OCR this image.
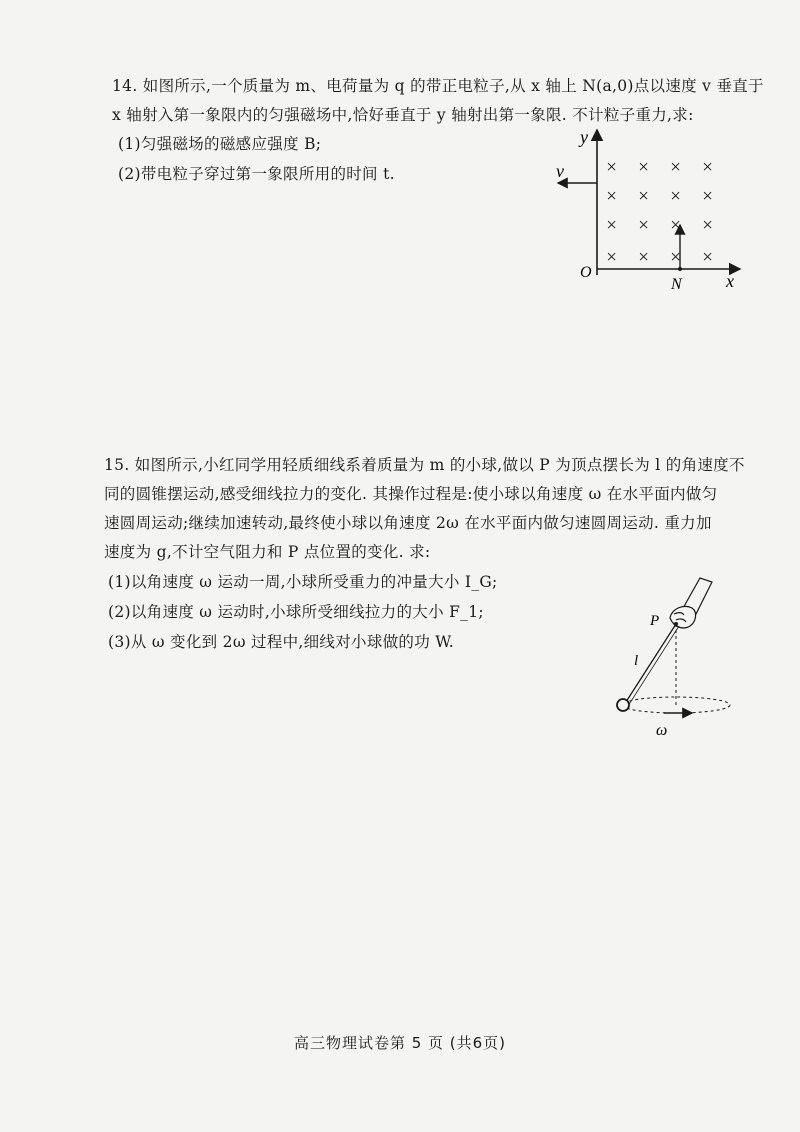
14. 如图所示,一个质量为 m、电荷量为 q 的带正电粒子,从 x 轴上 N(a,0)点以速度 v 垂直于
x 轴射入第一象限内的匀强磁场中,恰好垂直于 y 轴射出第一象限. 不计粒子重力,求:
(1)匀强磁场的磁感应强度 B;
(2)带电粒子穿过第一象限所用的时间 t.
y
x
O
N
v × × × ×
× × × ×
× × × ×
× × × ×
15. 如图所示,小红同学用轻质细线系着质量为 m 的小球,做以 P 为顶点摆长为 l 的角速度不
同的圆锥摆运动,感受细线拉力的变化. 其操作过程是:使小球以角速度 ω 在水平面内做匀
速圆周运动;继续加速转动,最终使小球以角速度 2ω 在水平面内做匀速圆周运动. 重力加
速度为 g,不计空气阻力和 P 点位置的变化. 求:
(1)以角速度 ω 运动一周,小球所受重力的冲量大小 I_G;
(2)以角速度 ω 运动时,小球所受细线拉力的大小 F_1;
(3)从 ω 变化到 2ω 过程中,细线对小球做的功 W.
P
l
ω
高三物理试卷第 5 页 (共6页)
